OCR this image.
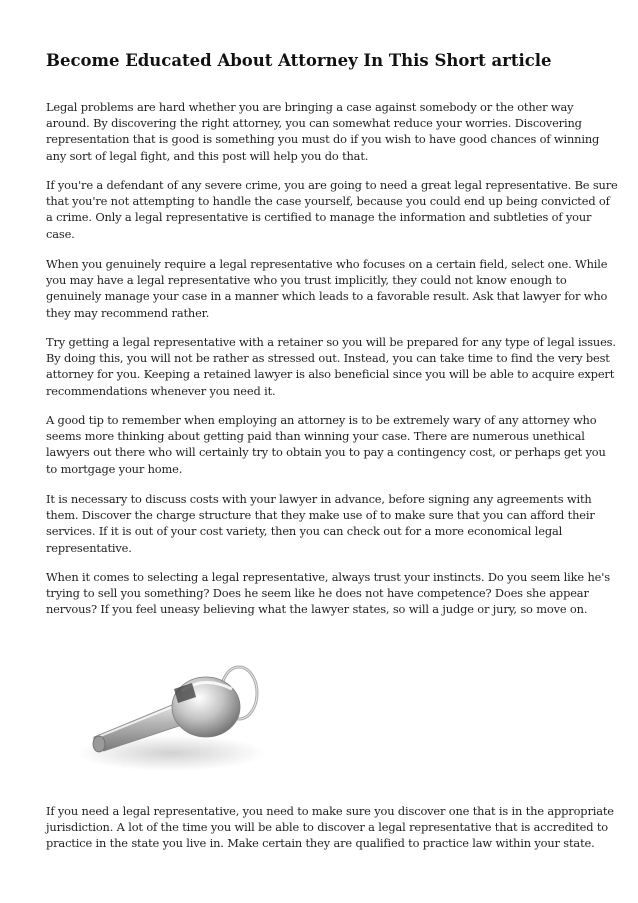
Become Educated About Attorney In This Short article
Legal problems are hard whether you are bringing a case against somebody or the other way
around. By discovering the right attorney, you can somewhat reduce your worries. Discovering
representation that is good is something you must do if you wish to have good chances of winning
any sort of legal fight, and this post will help you do that.
If you're a defendant of any severe crime, you are going to need a great legal representative. Be sure
that you're not attempting to handle the case yourself, because you could end up being convicted of
a crime. Only a legal representative is certified to manage the information and subtleties of your
case.
When you genuinely require a legal representative who focuses on a certain field, select one. While
you may have a legal representative who you trust implicitly, they could not know enough to
genuinely manage your case in a manner which leads to a favorable result. Ask that lawyer for who
they may recommend rather.
Try getting a legal representative with a retainer so you will be prepared for any type of legal issues.
By doing this, you will not be rather as stressed out. Instead, you can take time to find the very best
attorney for you. Keeping a retained lawyer is also beneficial since you will be able to acquire expert
recommendations whenever you need it.
A good tip to remember when employing an attorney is to be extremely wary of any attorney who
seems more thinking about getting paid than winning your case. There are numerous unethical
lawyers out there who will certainly try to obtain you to pay a contingency cost, or perhaps get you
to mortgage your home.
It is necessary to discuss costs with your lawyer in advance, before signing any agreements with
them. Discover the charge structure that they make use of to make sure that you can afford their
services. If it is out of your cost variety, then you can check out for a more economical legal
representative.
When it comes to selecting a legal representative, always trust your instincts. Do you seem like he's
trying to sell you something? Does he seem like he does not have competence? Does she appear
nervous? If you feel uneasy believing what the lawyer states, so will a judge or jury, so move on.
If you need a legal representative, you need to make sure you discover one that is in the appropriate
jurisdiction. A lot of the time you will be able to discover a legal representative that is accredited to
practice in the state you live in. Make certain they are qualified to practice law within your state.
